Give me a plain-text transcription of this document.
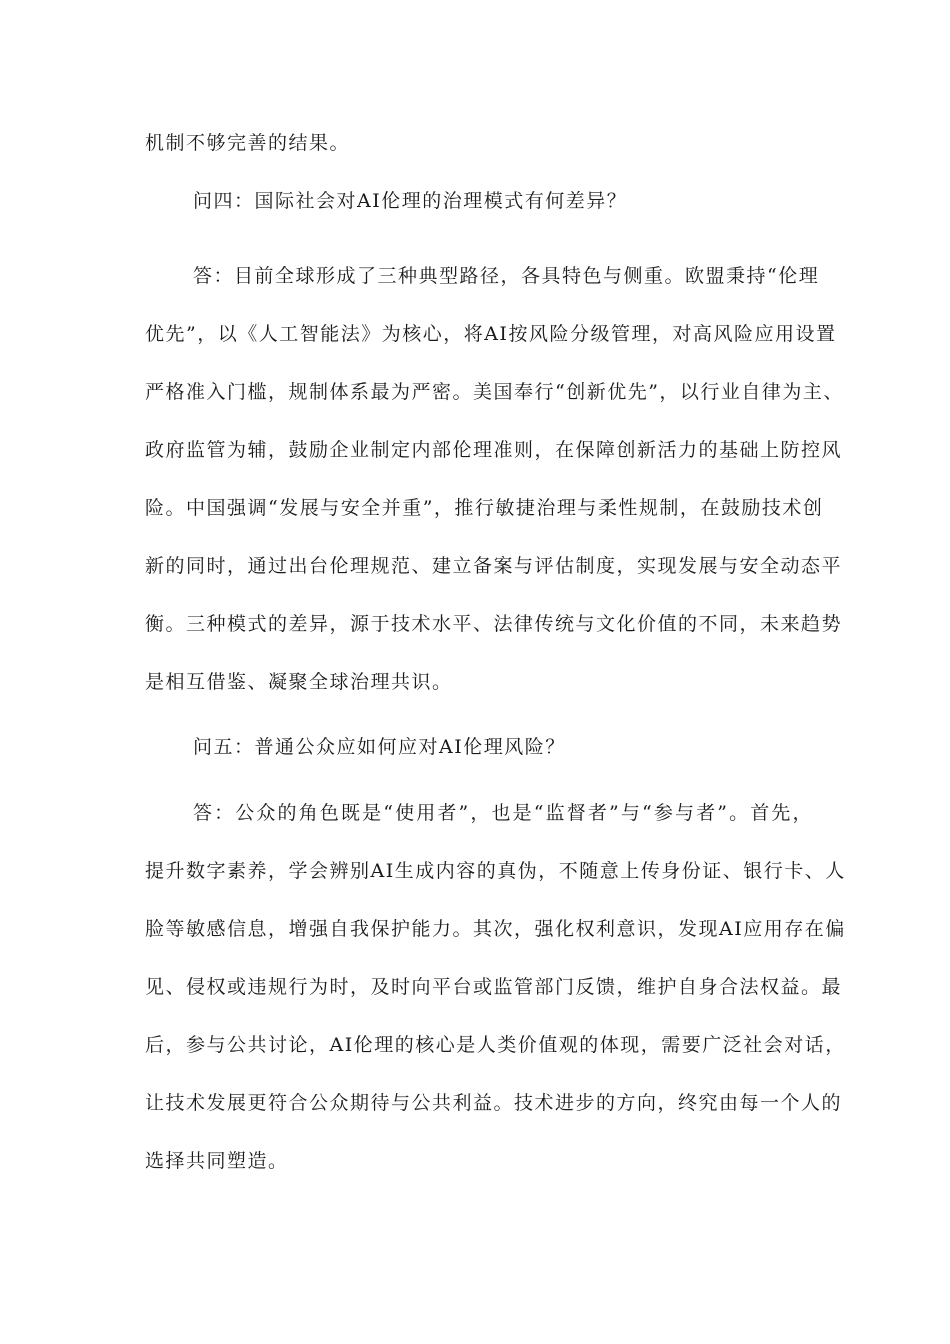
机制不够完善的结果。
问四：国际社会对AI伦理的治理模式有何差异？
答：目前全球形成了三种典型路径，各具特色与侧重。欧盟秉持“伦理
优先”，以《人工智能法》为核心，将AI按风险分级管理，对高风险应用设置
严格准入门槛，规制体系最为严密。美国奉行“创新优先”，以行业自律为主、
政府监管为辅，鼓励企业制定内部伦理准则，在保障创新活力的基础上防控风
险。中国强调“发展与安全并重”，推行敏捷治理与柔性规制，在鼓励技术创
新的同时，通过出台伦理规范、建立备案与评估制度，实现发展与安全动态平
衡。三种模式的差异，源于技术水平、法律传统与文化价值的不同，未来趋势
是相互借鉴、凝聚全球治理共识。
问五：普通公众应如何应对AI伦理风险？
答：公众的角色既是“使用者”，也是“监督者”与“参与者”。首先，
提升数字素养，学会辨别AI生成内容的真伪，不随意上传身份证、银行卡、人
脸等敏感信息，增强自我保护能力。其次，强化权利意识，发现AI应用存在偏
见、侵权或违规行为时，及时向平台或监管部门反馈，维护自身合法权益。最
后，参与公共讨论，AI伦理的核心是人类价值观的体现，需要广泛社会对话，
让技术发展更符合公众期待与公共利益。技术进步的方向，终究由每一个人的
选择共同塑造。
